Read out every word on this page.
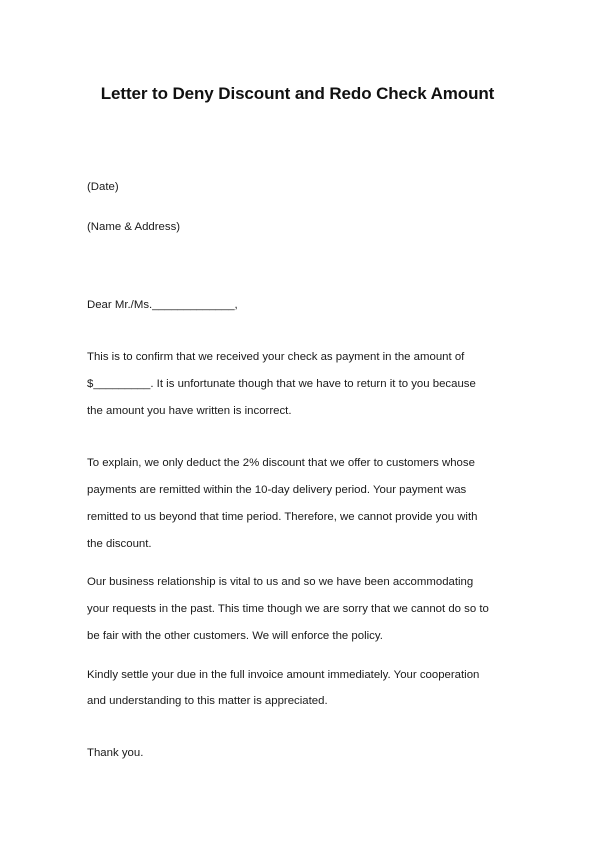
Letter to Deny Discount and Redo Check Amount
(Date)
(Name & Address)
Dear Mr./Ms._____________,
This is to confirm that we received your check as payment in the amount of
$_________. It is unfortunate though that we have to return it to you because
the amount you have written is incorrect.
To explain, we only deduct the 2% discount that we offer to customers whose
payments are remitted within the 10-day delivery period. Your payment was
remitted to us beyond that time period. Therefore, we cannot provide you with
the discount.
Our business relationship is vital to us and so we have been accommodating
your requests in the past. This time though we are sorry that we cannot do so to
be fair with the other customers. We will enforce the policy.
Kindly settle your due in the full invoice amount immediately. Your cooperation
and understanding to this matter is appreciated.
Thank you.
